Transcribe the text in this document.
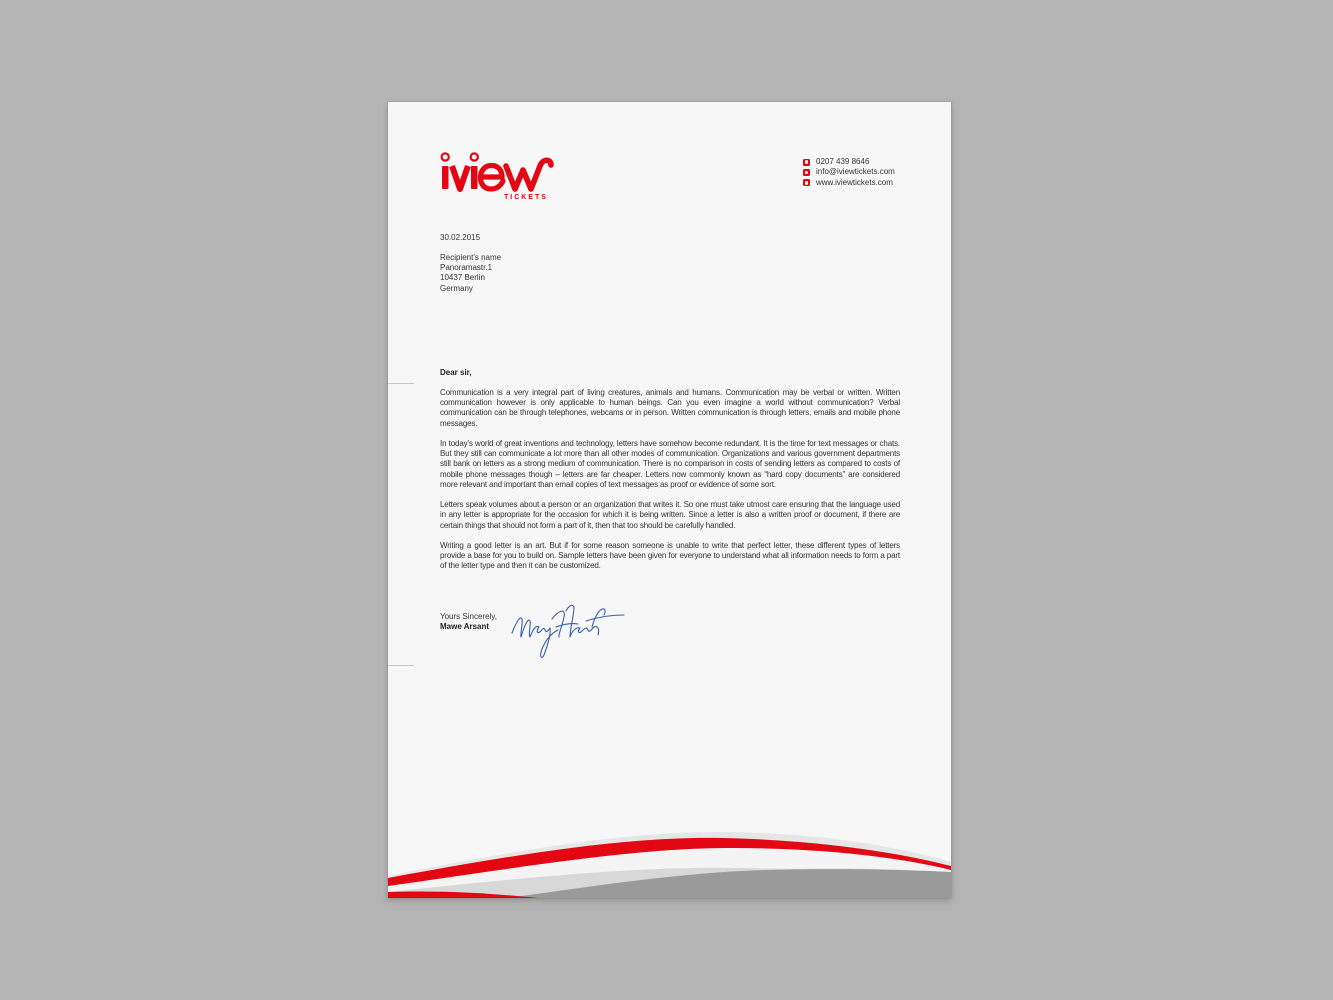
TICKETS
0207 439 8646
info@iviewtickets.com
www.iviewtickets.com
30.02.2015
Recipient's name
Panoramastr.1
10437 Berlin
Germany
Dear sir,

Communication is a very integral part of living creatures, animals and humans. Communication may be verbal or written. Written communication however is only applicable to human beings. Can you even imagine a world without communication? Verbal communication can be through telephones, webcams or in person. Written communication is through letters, emails and mobile phone messages.

In today's world of great inventions and technology, letters have somehow become redundant. It is the time for text messages or chats. But they still can communicate a lot more than all other modes of communication. Organizations and various government departments still bank on letters as a strong medium of communication. There is no comparison in costs of sending letters as compared to costs of mobile phone messages though – letters are far cheaper. Letters now commonly known as “hard copy documents” are considered more relevant and important than email copies of text messages as proof or evidence of some sort.

Letters speak volumes about a person or an organization that writes it. So one must take utmost care ensuring that the language used in any letter is appropriate for the occasion for which it is being written. Since a letter is also a written proof or document, if there are certain things that should not form a part of it, then that too should be carefully handled.

Writing a good letter is an art. But if for some reason someone is unable to write that perfect letter, these different types of letters provide a base for you to build on. Sample letters have been given for everyone to understand what all information needs to form a part of the letter type and then it can be customized.

Yours Sincerely,
Mawe Arsant
